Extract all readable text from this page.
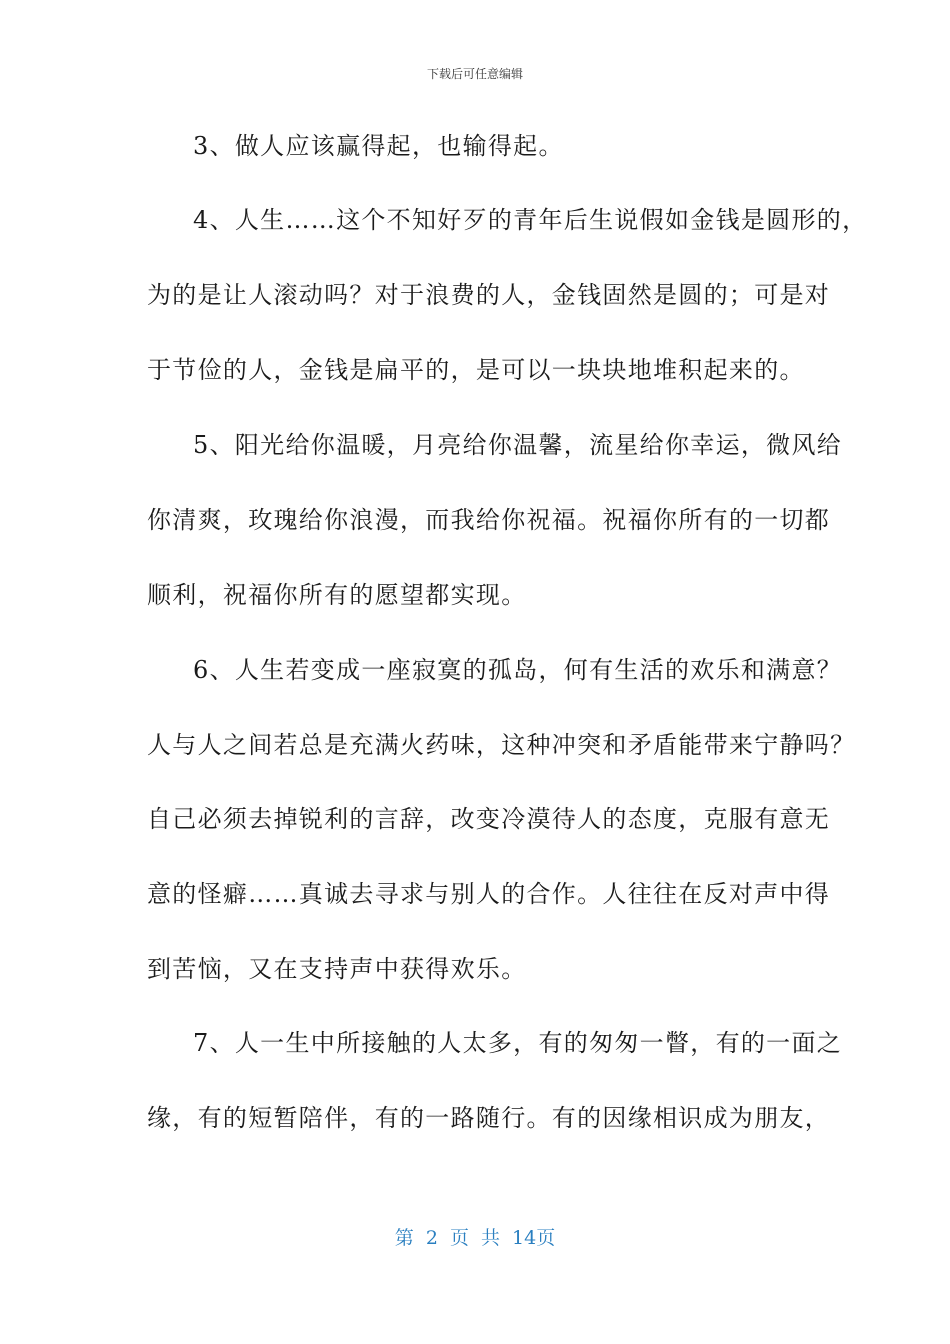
下载后可任意编辑
3、做人应该赢得起，也输得起。
4、人生……这个不知好歹的青年后生说假如金钱是圆形的，
为的是让人滚动吗？对于浪费的人，金钱固然是圆的；可是对
于节俭的人，金钱是扁平的，是可以一块块地堆积起来的。
5、阳光给你温暖，月亮给你温馨，流星给你幸运，微风给
你清爽，玫瑰给你浪漫，而我给你祝福。祝福你所有的一切都
顺利，祝福你所有的愿望都实现。
6、人生若变成一座寂寞的孤岛，何有生活的欢乐和满意？
人与人之间若总是充满火药味，这种冲突和矛盾能带来宁静吗？
自己必须去掉锐利的言辞，改变冷漠待人的态度，克服有意无
意的怪癖……真诚去寻求与别人的合作。人往往在反对声中得
到苦恼，又在支持声中获得欢乐。
7、人一生中所接触的人太多，有的匆匆一瞥，有的一面之
缘，有的短暂陪伴，有的一路随行。有的因缘相识成为朋友，
第 2 页 共 14页
